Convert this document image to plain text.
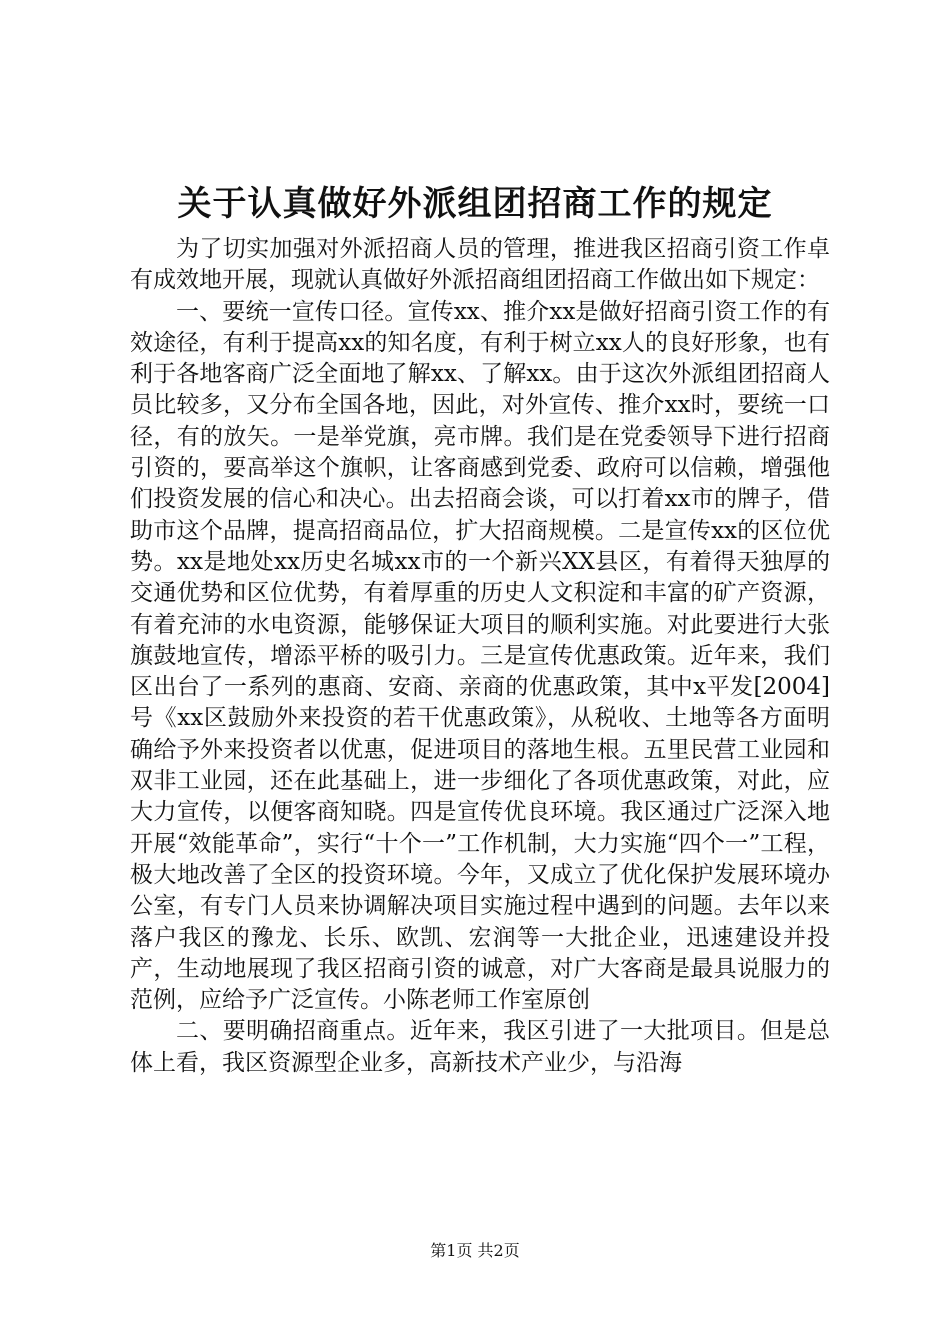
关于认真做好外派组团招商工作的规定

为了切实加强对外派招商人员的管理，推进我区招商引资工作卓有成效地开展，现就认真做好外派招商组团招商工作做出如下规定：

一、要统一宣传口径。宣传xx、推介xx是做好招商引资工作的有效途径，有利于提高xx的知名度，有利于树立xx人的良好形象，也有利于各地客商广泛全面地了解xx、了解xx。由于这次外派组团招商人员比较多，又分布全国各地，因此，对外宣传、推介xx时，要统一口径，有的放矢。一是举党旗，亮市牌。我们是在党委领导下进行招商引资的，要高举这个旗帜，让客商感到党委、政府可以信赖，增强他们投资发展的信心和决心。出去招商会谈，可以打着xx市的牌子，借助市这个品牌，提高招商品位，扩大招商规模。二是宣传xx的区位优势。xx是地处xx历史名城xx市的一个新兴XX县区，有着得天独厚的交通优势和区位优势，有着厚重的历史人文积淀和丰富的矿产资源，有着充沛的水电资源，能够保证大项目的顺利实施。对此要进行大张旗鼓地宣传，增添平桥的吸引力。三是宣传优惠政策。近年来，我们区出台了一系列的惠商、安商、亲商的优惠政策，其中x平发[2004]号《xx区鼓励外来投资的若干优惠政策》，从税收、土地等各方面明确给予外来投资者以优惠，促进项目的落地生根。五里民营工业园和双非工业园，还在此基础上，进一步细化了各项优惠政策，对此，应大力宣传，以便客商知晓。四是宣传优良环境。我区通过广泛深入地开展“效能革命”，实行“十个一”工作机制，大力实施“四个一”工程，极大地改善了全区的投资环境。今年，又成立了优化保护发展环境办公室，有专门人员来协调解决项目实施过程中遇到的问题。去年以来落户我区的豫龙、长乐、欧凯、宏润等一大批企业，迅速建设并投产，生动地展现了我区招商引资的诚意，对广大客商是最具说服力的范例，应给予广泛宣传。小陈老师工作室原创

二、要明确招商重点。近年来，我区引进了一大批项目。但是总体上看，我区资源型企业多，高新技术产业少，与沿海

第1页 共2页
